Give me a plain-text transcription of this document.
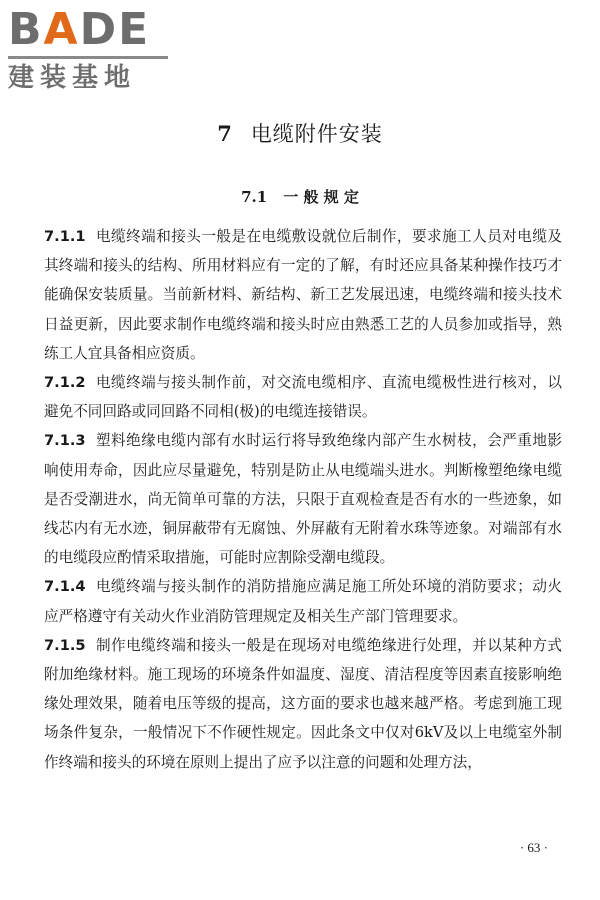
BADE
建装基地
7 电缆附件安装
7.1 一 般 规 定

7.1.1 电缆终端和接头一般是在电缆敷设就位后制作，要求施工人员对电缆及其终端和接头的结构、所用材料应有一定的了解，有时还应具备某种操作技巧才能确保安装质量。当前新材料、新结构、新工艺发展迅速，电缆终端和接头技术日益更新，因此要求制作电缆终端和接头时应由熟悉工艺的人员参加或指导，熟练工人宜具备相应资质。

7.1.2 电缆终端与接头制作前，对交流电缆相序、直流电缆极性进行核对，以避免不同回路或同回路不同相(极)的电缆连接错误。

7.1.3 塑料绝缘电缆内部有水时运行将导致绝缘内部产生水树枝，会严重地影响使用寿命，因此应尽量避免，特别是防止从电缆端头进水。判断橡塑绝缘电缆是否受潮进水，尚无简单可靠的方法，只限于直观检查是否有水的一些迹象，如线芯内有无水迹，铜屏蔽带有无腐蚀、外屏蔽有无附着水珠等迹象。对端部有水的电缆段应酌情采取措施，可能时应割除受潮电缆段。

7.1.4 电缆终端与接头制作的消防措施应满足施工所处环境的消防要求；动火应严格遵守有关动火作业消防管理规定及相关生产部门管理要求。

7.1.5 制作电缆终端和接头一般是在现场对电缆绝缘进行处理，并以某种方式附加绝缘材料。施工现场的环境条件如温度、湿度、清洁程度等因素直接影响绝缘处理效果，随着电压等级的提高，这方面的要求也越来越严格。考虑到施工现场条件复杂，一般情况下不作硬性规定。因此条文中仅对6kV及以上电缆室外制作终端和接头的环境在原则上提出了应予以注意的问题和处理方法，

· 63 ·
